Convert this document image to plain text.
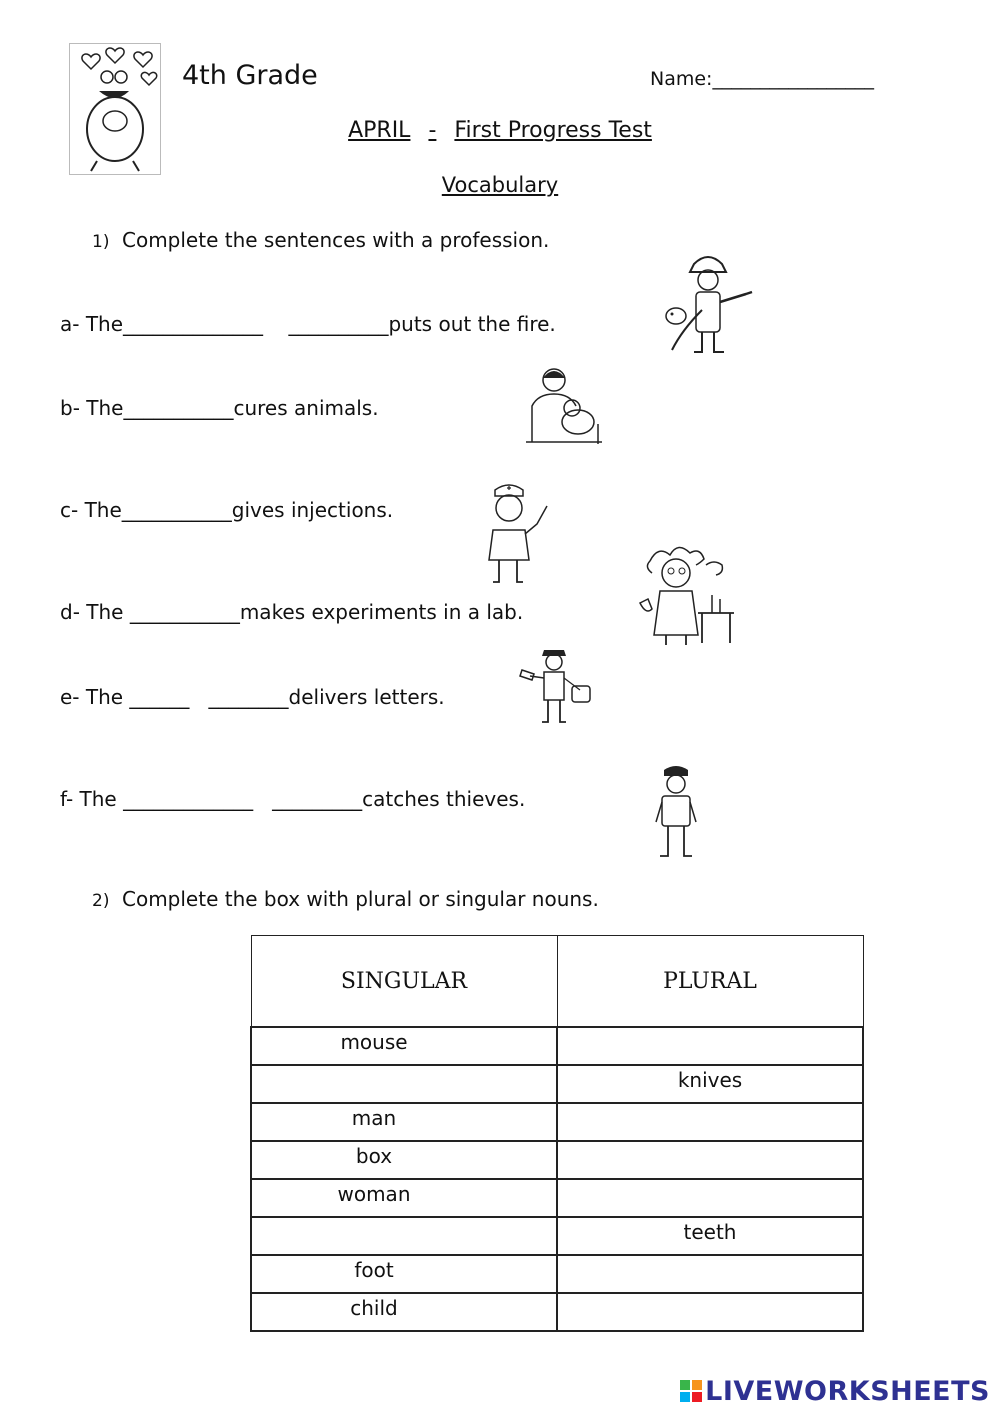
4th Grade	Name:_________________
APRIL - First Progress Test
Vocabulary
1) Complete the sentences with a profession.
a- The______________    __________puts out the fire.
b- The___________cures animals.
c- The___________gives injections.
d- The ___________makes experiments in a lab.
e- The ______   ________delivers letters.
f- The _____________   _________catches thieves.
2) Complete the box with plural or singular nouns.
SINGULAR	PLURAL
mouse	
	knives
man	
box	
woman	
	teeth
foot	
child	
LIVEWORKSHEETS
